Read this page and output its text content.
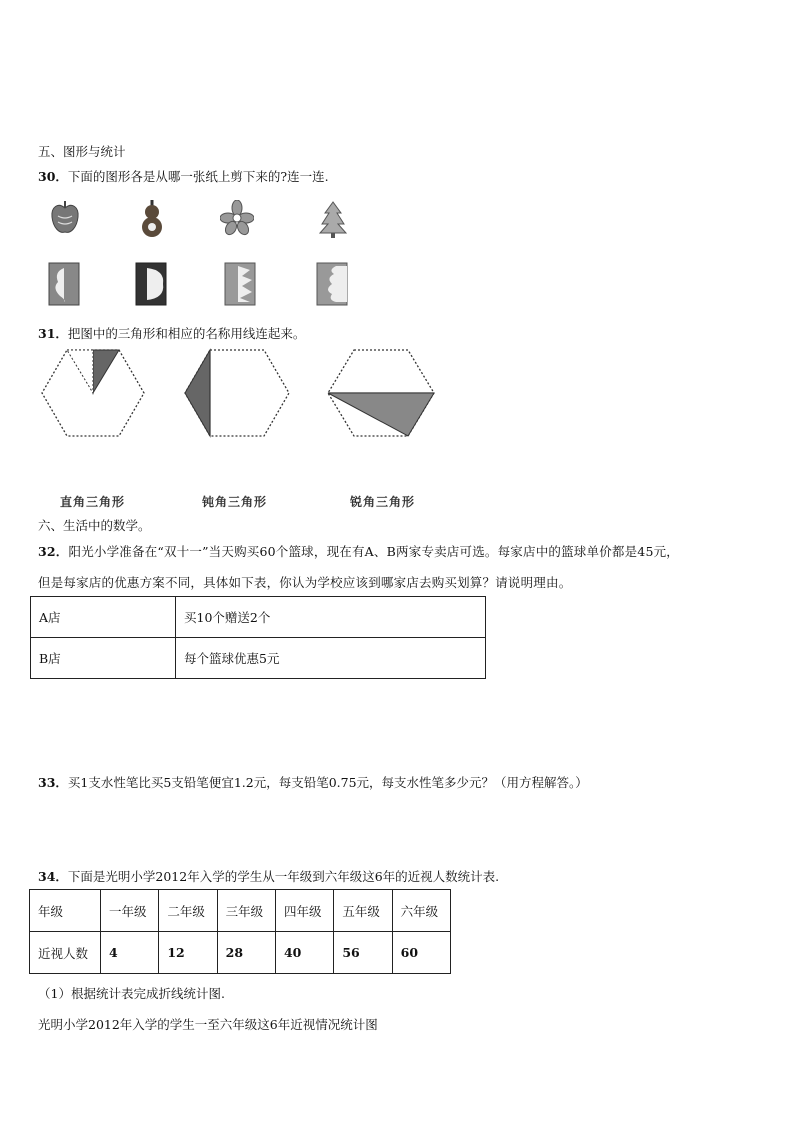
五、图形与统计
30．下面的图形各是从哪一张纸上剪下来的?连一连.
31．把图中的三角形和相应的名称用线连起来。
直角三角形	钝角三角形	锐角三角形
六、生活中的数学。
32．阳光小学准备在“双十一”当天购买60个篮球，现在有A、B两家专卖店可选。每家店中的篮球单价都是45元，
但是每家店的优惠方案不同，具体如下表，你认为学校应该到哪家店去购买划算？请说明理由。
A店	买10个赠送2个
B店	每个篮球优惠5元
33．买1支水性笔比买5支铅笔便宜1.2元，每支铅笔0.75元，每支水性笔多少元？（用方程解答。）
34．下面是光明小学2012年入学的学生从一年级到六年级这6年的近视人数统计表.
年级	一年级	二年级	三年级	四年级	五年级	六年级
近视人数	4	12	28	40	56	60
（1）根据统计表完成折线统计图.
光明小学2012年入学的学生一至六年级这6年近视情况统计图
